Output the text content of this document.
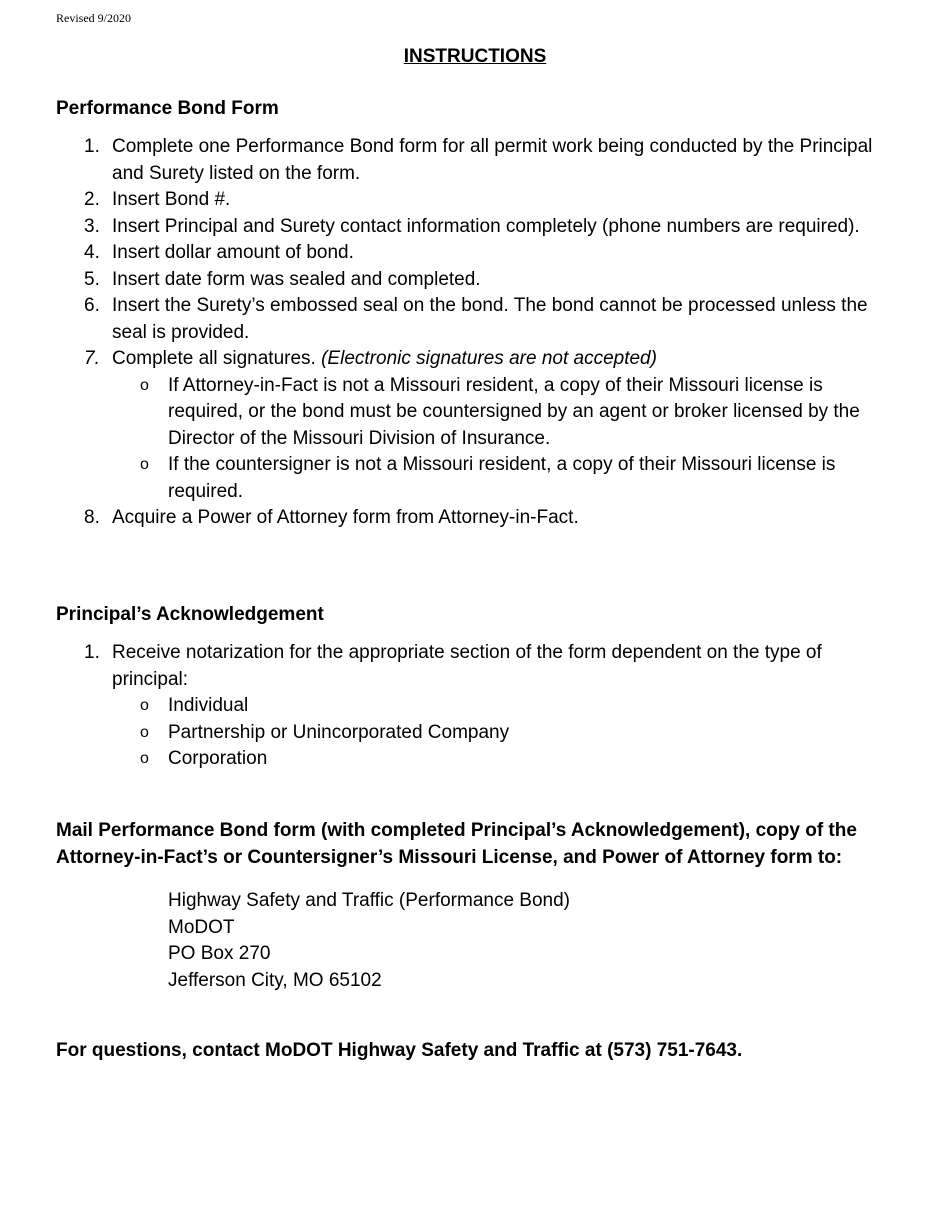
Revised 9/2020
INSTRUCTIONS
Performance Bond Form
1. Complete one Performance Bond form for all permit work being conducted by the Principal and Surety listed on the form.
2. Insert Bond #.
3. Insert Principal and Surety contact information completely (phone numbers are required).
4. Insert dollar amount of bond.
5. Insert date form was sealed and completed.
6. Insert the Surety’s embossed seal on the bond. The bond cannot be processed unless the seal is provided.
7. Complete all signatures. (Electronic signatures are not accepted)
o If Attorney-in-Fact is not a Missouri resident, a copy of their Missouri license is required, or the bond must be countersigned by an agent or broker licensed by the Director of the Missouri Division of Insurance.
o If the countersigner is not a Missouri resident, a copy of their Missouri license is required.
8. Acquire a Power of Attorney form from Attorney-in-Fact.
Principal’s Acknowledgement
1. Receive notarization for the appropriate section of the form dependent on the type of principal:
o Individual
o Partnership or Unincorporated Company
o Corporation
Mail Performance Bond form (with completed Principal’s Acknowledgement), copy of the Attorney-in-Fact’s or Countersigner’s Missouri License, and Power of Attorney form to:
Highway Safety and Traffic (Performance Bond)
MoDOT
PO Box 270
Jefferson City, MO 65102
For questions, contact MoDOT Highway Safety and Traffic at (573) 751-7643.
